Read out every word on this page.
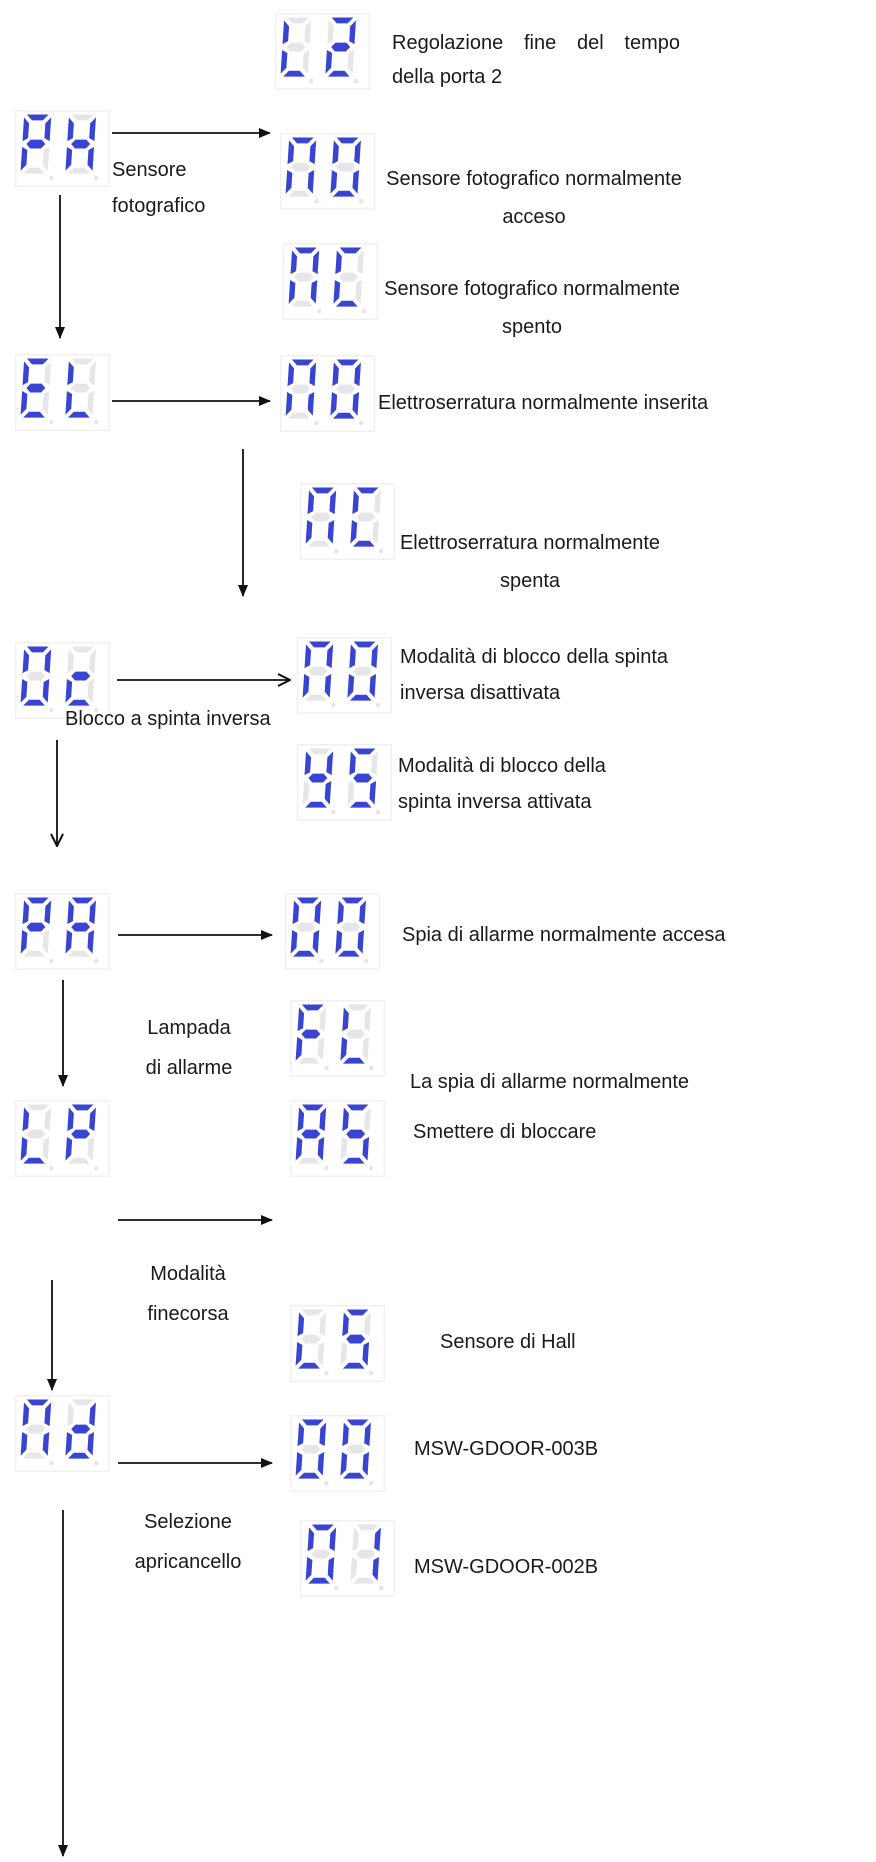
Sensore fotografico
Blocco a spinta inversa
Lampada di allarme
Modalità finecorsa
Selezione apricancello
Regolazione fine del tempo della porta 2
Sensore fotografico normalmente acceso
Sensore fotografico normalmente spento
Elettroserratura normalmente inserita
Elettroserratura normalmente spenta
Modalità di blocco della spinta inversa disattivata
Modalità di blocco della spinta inversa attivata
Spia di allarme normalmente accesa
La spia di allarme normalmente
Smettere di bloccare
Sensore di Hall
MSW-GDOOR-003B
MSW-GDOOR-002B
